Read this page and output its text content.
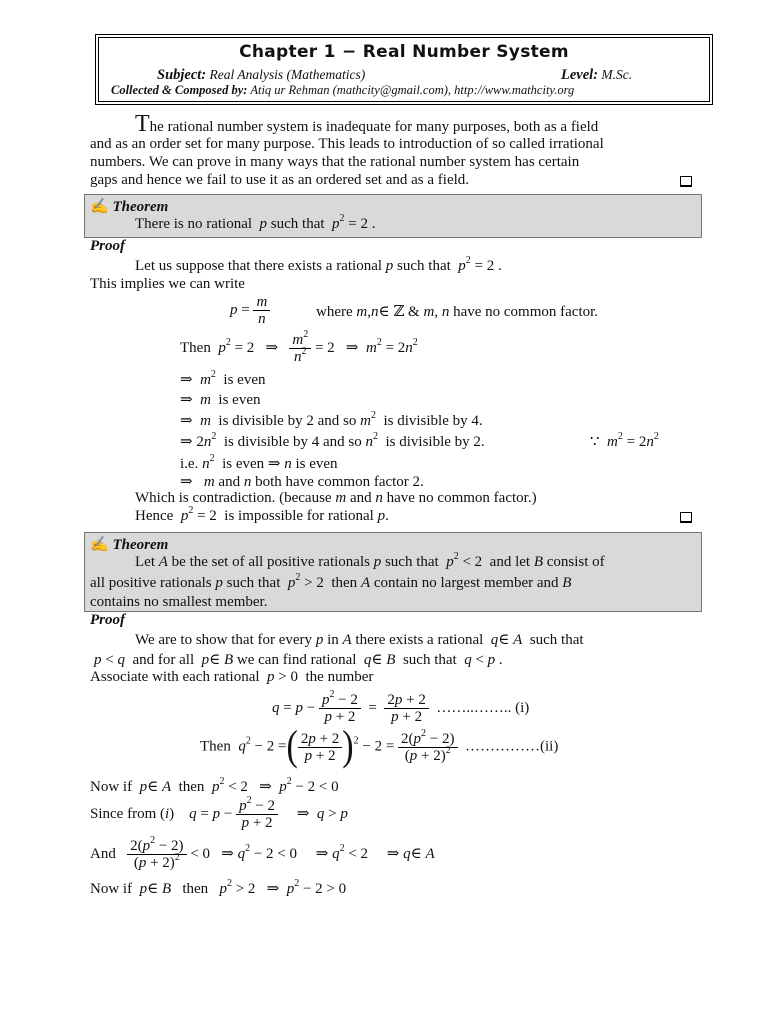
Chapter 1 − Real Number System
Subject: Real Analysis (Mathematics)	Level: M.Sc.
Collected & Composed by: Atiq ur Rehman (mathcity@gmail.com), http://www.mathcity.org
The rational number system is inadequate for many purposes, both as a field
and as an order set for many purpose. This leads to introduction of so called irrational
numbers. We can prove in many ways that the rational number system has certain
gaps and hence we fail to use it as an ordered set and as a field.
✍ Theorem
There is no rational p such that  $p^2 = 2$ .
Proof
Let us suppose that there exists a rational p such that $p^2 = 2$ .
This implies we can write
$p = \frac{m}{n}$	where m,n∈ ℤ & m, n have no common factor.
Then $p^2 = 2$   ⇒ $\frac{m^2}{n^2} = 2$   ⇒  $m^2 = 2n^2$
⇒  $m^2$ is even
⇒  m is even
⇒  m is divisible by 2 and so $m^2$ is divisible by 4.
⇒ $2n^2$ is divisible by 4 and so $n^2$ is divisible by 2.	∵  $m^2 = 2n^2$
i.e. $n^2$ is even ⇒ n is even
⇒   m and n both have common factor 2.
Which is contradiction. (because m and n have no common factor.)
Hence $p^2 = 2$  is impossible for rational p.
✍ Theorem
Let A be the set of all positive rationals p such that $p^2 < 2$  and let B consist of
all positive rationals p such that $p^2 > 2$  then A contain no largest member and B
contains no smallest member.
Proof
We are to show that for every p in A there exists a rational q∈ A such that
p < q and for all p∈ B we can find rational q∈ B such that q < p .
Associate with each rational p > 0  the number
$q = p - \frac{p^2 - 2}{p + 2} = \frac{2p + 2}{p + 2}$ ……..…….. (i)
Then $q^2 - 2$ =( $\frac{2p + 2}{p + 2} )^2 - 2 = \frac{2(p^2 - 2)}{(p + 2)^2}$ ……………(ii)
Now if p∈ A then $p^2 < 2$   ⇒  $p^2 - 2 < 0$
Since from (i)    $q = p - \frac{p^2 - 2}{p + 2}$ ⇒  q > p
And $\frac{2(p^2 - 2)}{(p + 2)^2} < 0$   ⇒ $q^2 - 2 < 0$     ⇒ $q^2 < 2$     ⇒ q∈ A
Now if p∈ B then $p^2 > 2$   ⇒  $p^2 - 2 > 0$
